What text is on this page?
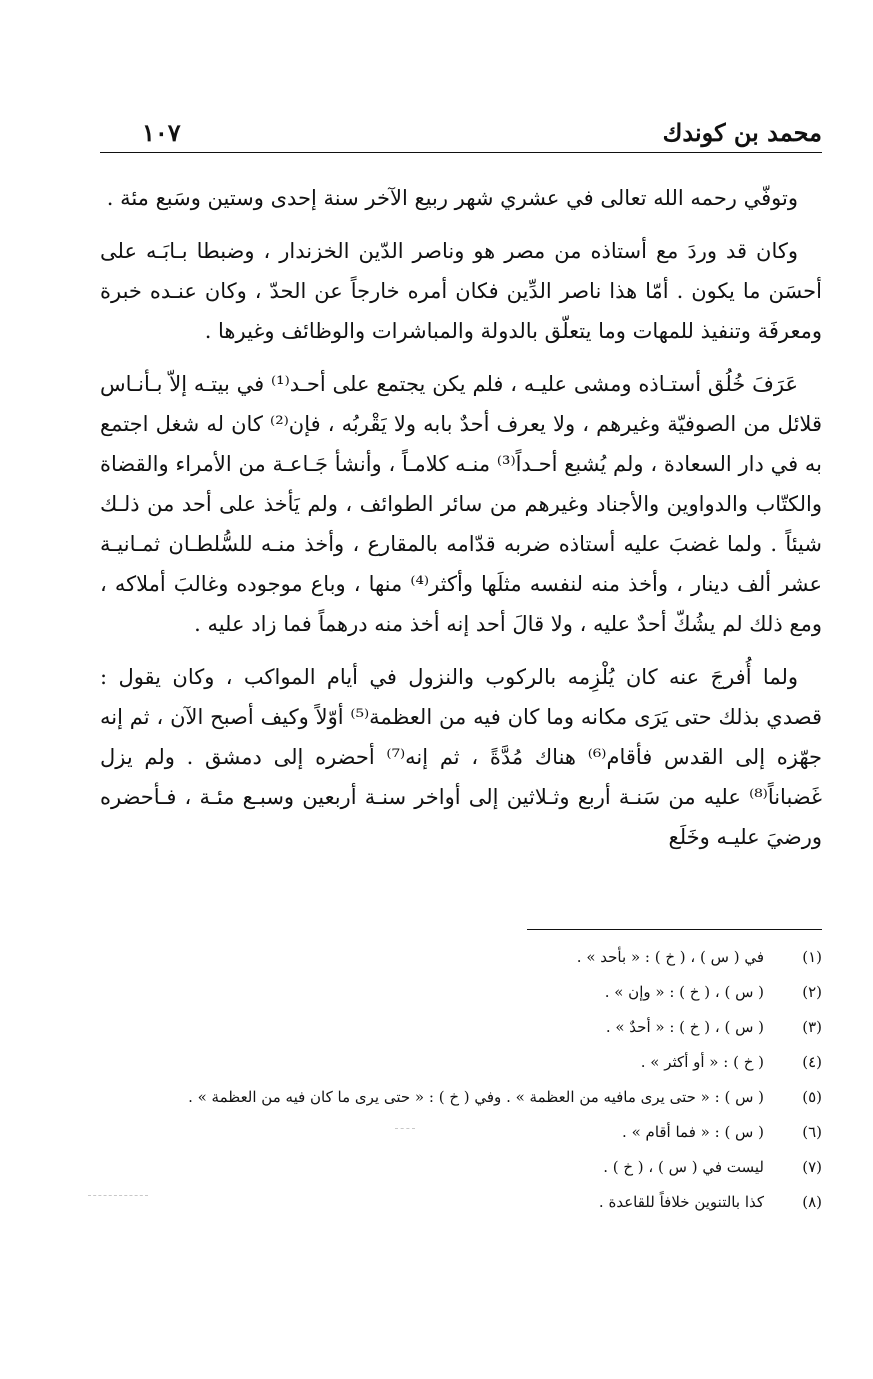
محمد بن كوندك
١٠٧

وتوفّي رحمه الله تعالى في عشري شهر ربيع الآخر سنة إحدى وستين وسَبع مئة .

وكان قد وردَ مع أستاذه من مصر هو وناصر الدّين الخزندار ، وضبطا بـابَـه على أحسَن ما يكون . أمّا هذا ناصر الدِّين فكان أمره خارجاً عن الحدّ ، وكان عنـده خبرة ومعرفَة وتنفيذ للمهات وما يتعلّق بالدولة والمباشرات والوظائف وغيرها .

عَرَفَ خُلُق أستـاذه ومشى عليـه ، فلم يكن يجتمع على أحـد⁽¹⁾ في بيتـه إلاّ بـأنـاس قلائل من الصوفيّة وغيرهم ، ولا يعرف أحدٌ بابه ولا يَقْربُه ، فإن⁽²⁾ كان له شغل اجتمع به في دار السعادة ، ولم يُشبع أحـداً⁽³⁾ منـه كلامـاً ، وأنشأ جَـاعـة من الأمراء والقضاة والكتّاب والدواوين والأجناد وغيرهم من سائر الطوائف ، ولم يَأخذ على أحد من ذلـك شيئاً . ولما غضبَ عليه أستاذه ضربه قدّامه بالمقارع ، وأخذ منـه للسُّلطـان ثمـانيـة عشر ألف دينار ، وأخذ منه لنفسه مثلَها وأكثر⁽⁴⁾ منها ، وباع موجوده وغالبَ أملاكه ، ومع ذلك لم يشُكّ أحدٌ عليه ، ولا قالَ أحد إنه أخذ منه درهماً فما زاد عليه .

ولما أُفرجَ عنه كان يُلْزِمه بالركوب والنزول في أيام المواكب ، وكان يقول : قصدي بذلك حتى يَرَى مكانه وما كان فيه من العظمة⁽⁵⁾ أوّلاً وكيف أصبح الآن ، ثم إنه جهّزه إلى القدس فأقام⁽⁶⁾ هناك مُدَّةً ، ثم إنه⁽⁷⁾ أحضره إلى دمشق . ولم يزل غَضباناً⁽⁸⁾ عليه من سَنـة أربع وثـلاثين إلى أواخر سنـة أربعين وسبـع مئـة ، فـأحضره ورضيَ عليـه وخَلَع

(١)
في ( س ) ، ( خ ) : « بأحد » .
(٢)
( س ) ، ( خ ) : « وإن » .
(٣)
( س ) ، ( خ ) : « أحدٌ » .
(٤)
( خ ) : « أو أكثر » .
(٥)
( س ) : « حتى يرى مافيه من العظمة » . وفي ( خ ) : « حتى يرى ما كان فيه من العظمة » .
(٦)
( س ) : « فما أقام » .
(٧)
ليست في ( س ) ، ( خ ) .
(٨)
كذا بالتنوين خلافاً للقاعدة .
